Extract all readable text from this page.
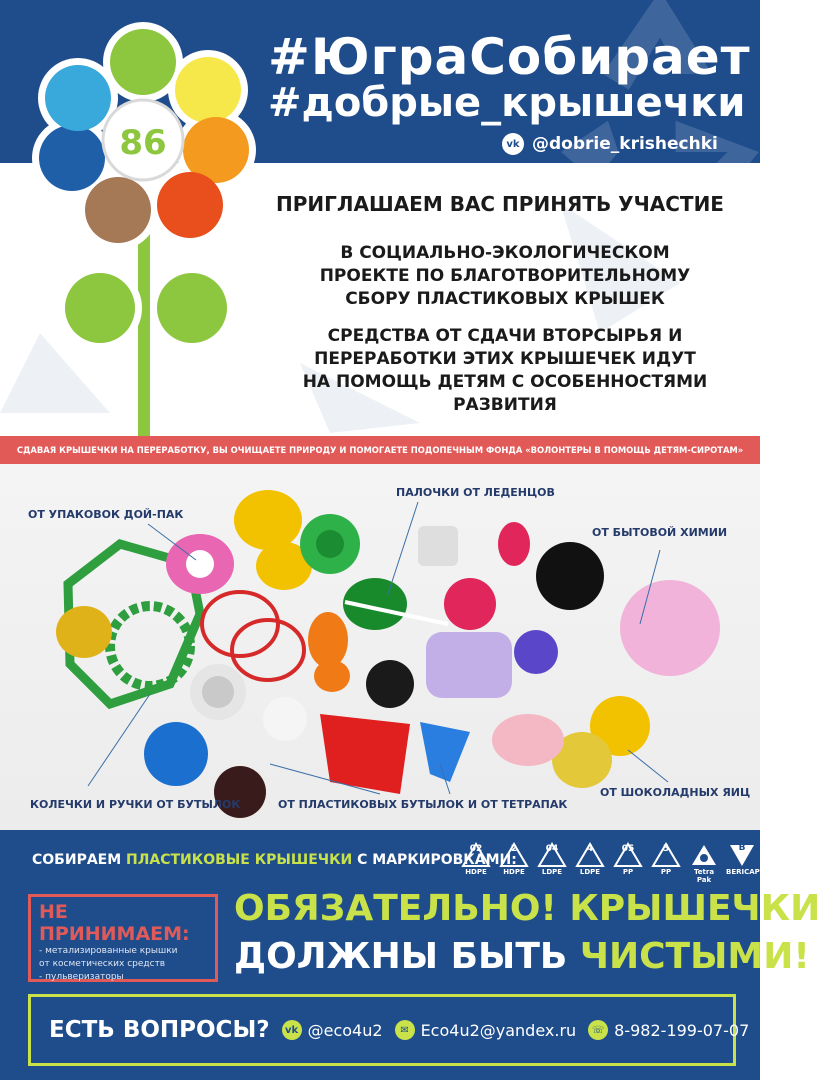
#ЮграСобирает
#добрые_крышечки
vk @dobrie_krishechki
86
ПРИГЛАШАЕМ ВАС ПРИНЯТЬ УЧАСТИЕ
В СОЦИАЛЬНО-ЭКОЛОГИЧЕСКОМ
ПРОЕКТЕ ПО БЛАГОТВОРИТЕЛЬНОМУ
СБОРУ ПЛАСТИКОВЫХ КРЫШЕК
СРЕДСТВА ОТ СДАЧИ ВТОРСЫРЬЯ И
ПЕРЕРАБОТКИ ЭТИХ КРЫШЕЧЕК ИДУТ
НА ПОМОЩЬ ДЕТЯМ С ОСОБЕННОСТЯМИ
РАЗВИТИЯ
СДАВАЯ КРЫШЕЧКИ НА ПЕРЕРАБОТКУ, ВЫ ОЧИЩАЕТЕ ПРИРОДУ И ПОМОГАЕТЕ ПОДОПЕЧНЫМ ФОНДА «ВОЛОНТЕРЫ В ПОМОЩЬ ДЕТЯМ-СИРОТАМ»
ОТ УПАКОВОК ДОЙ-ПАК
ПАЛОЧКИ ОТ ЛЕДЕНЦОВ
ОТ БЫТОВОЙ ХИМИИ
КОЛЕЧКИ И РУЧКИ ОТ БУТЫЛОК	ОТ ПЛАСТИКОВЫХ БУТЫЛОК И ОТ ТЕТРАПАК
ОТ ШОКОЛАДНЫХ ЯИЦ
СОБИРАЕМ ПЛАСТИКОВЫЕ КРЫШЕЧКИ С МАРКИРОВКАМИ:
02
HDPE
2
HDPE
04
LDPE
4
LDPE
05
PP
5
PP	Tetra Pak
BERICAP
НЕ ПРИНИМАЕМ:
- метализированные крышки
от косметических средств
- пульверизаторы
ОБЯЗАТЕЛЬНО! КРЫШЕЧКИ
ДОЛЖНЫ БЫТЬ ЧИСТЫМИ!
ЕСТЬ ВОПРОСЫ?	vk @eco4u2	✉ Eco4u2@yandex.ru	☏ 8-982-199-07-07
